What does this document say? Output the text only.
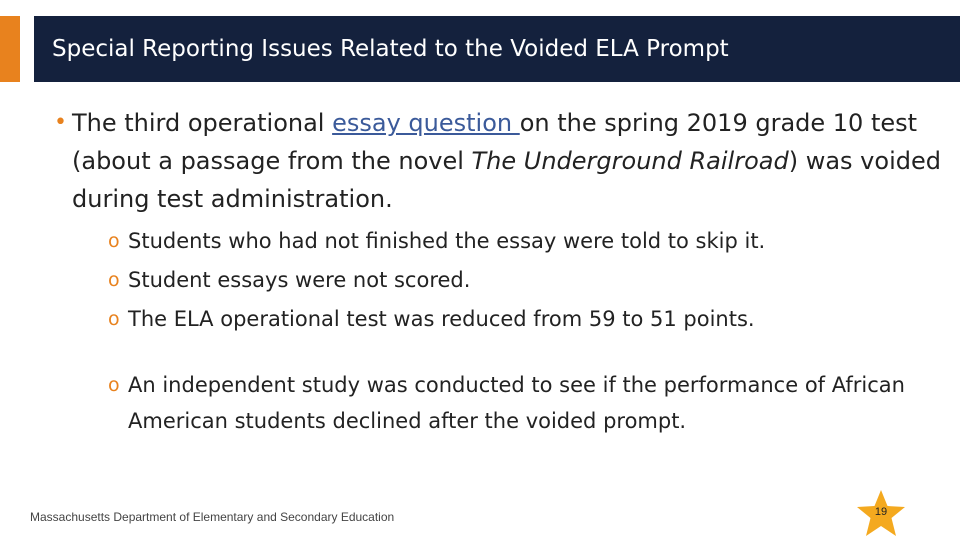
Special Reporting Issues Related to the Voided ELA Prompt
• The third operational essay question on the spring 2019 grade 10 test (about a passage from the novel The Underground Railroad) was voided during test administration.
o Students who had not finished the essay were told to skip it.
o Student essays were not scored.
o The ELA operational test was reduced from 59 to 51 points.
o An independent study was conducted to see if the performance of African American students declined after the voided prompt.
Massachusetts Department of Elementary and Secondary Education	19
